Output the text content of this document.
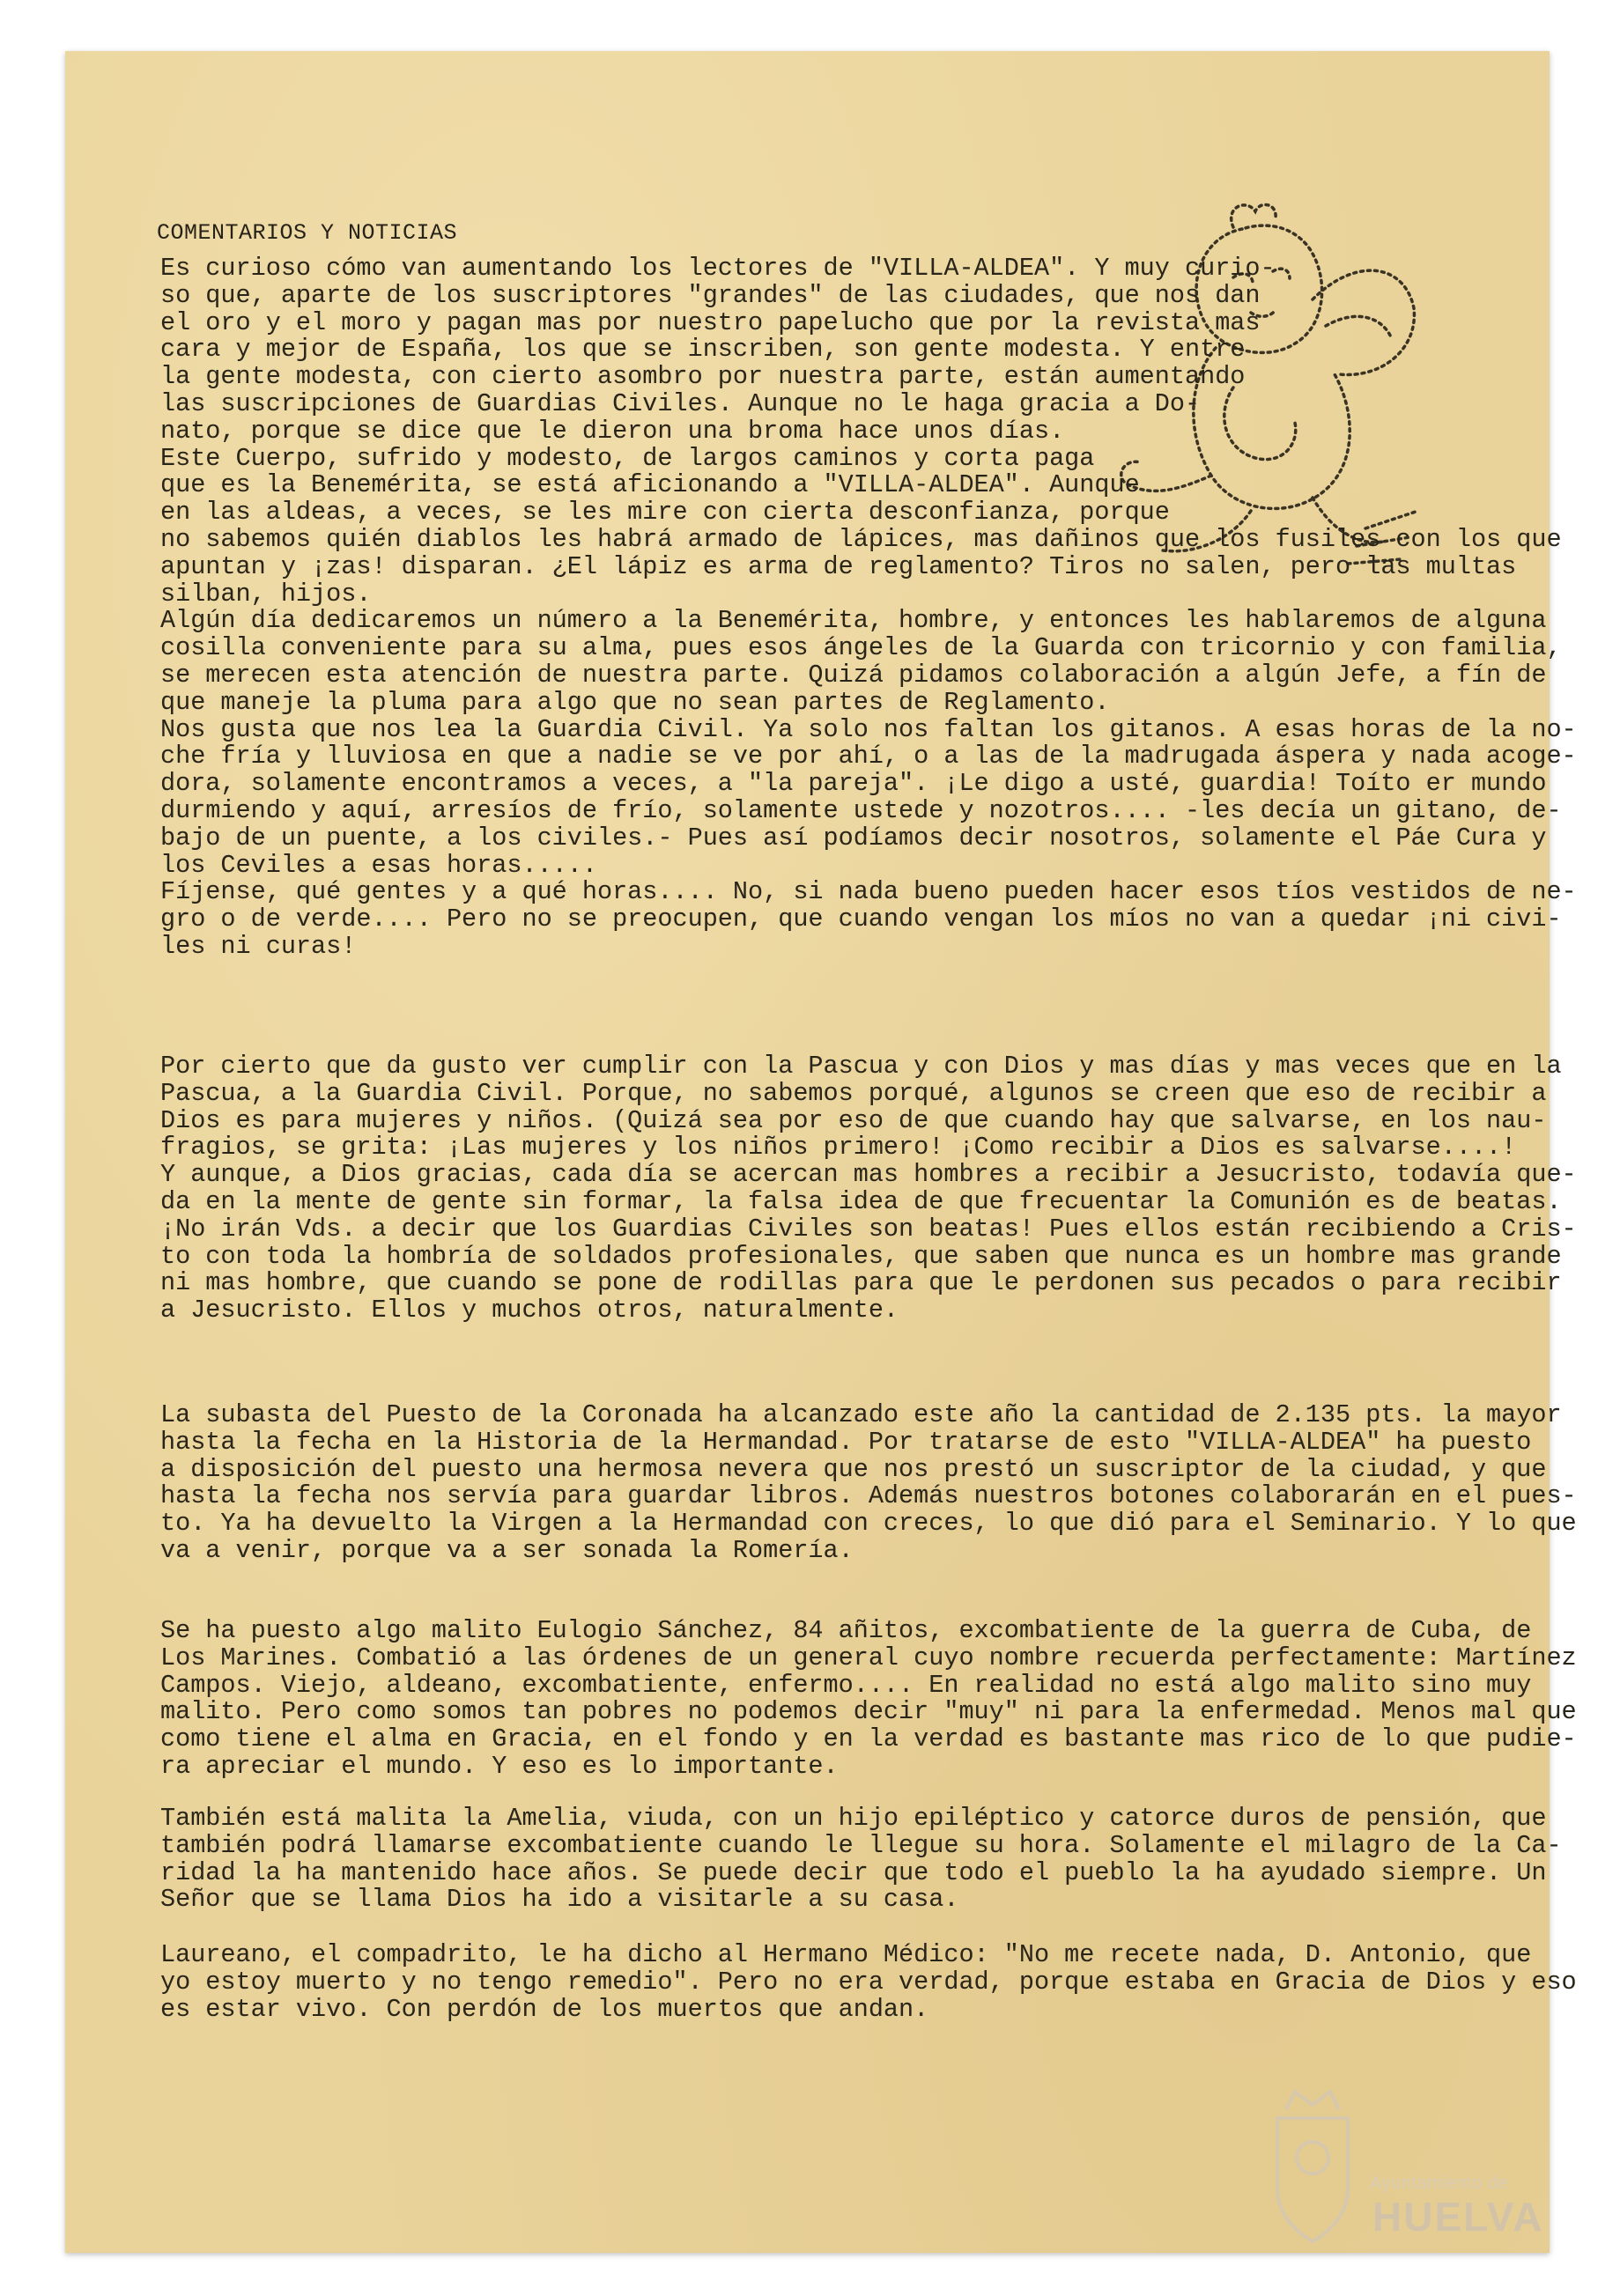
COMENTARIOS Y NOTICIAS
Es curioso cómo van aumentando los lectores de "VILLA-ALDEA". Y muy curio-
so que, aparte de los suscriptores "grandes" de las ciudades, que nos dan
el oro y el moro y pagan mas por nuestro papelucho que por la revista mas
cara y mejor de España, los que se inscriben, son gente modesta. Y entre
la gente modesta, con cierto asombro por nuestra parte, están aumentando
las suscripciones de Guardias Civiles. Aunque no le haga gracia a Do-
nato, porque se dice que le dieron una broma hace unos días.
Este Cuerpo, sufrido y modesto, de largos caminos y corta paga
que es la Benemérita, se está aficionando a "VILLA-ALDEA". Aunque
en las aldeas, a veces, se les mire con cierta desconfianza, porque
no sabemos quién diablos les habrá armado de lápices, mas dañinos que los fusiles con los que
apuntan y ¡zas! disparan. ¿El lápiz es arma de reglamento? Tiros no salen, pero las multas
silban, hijos.
Algún día dedicaremos un número a la Benemérita, hombre, y entonces les hablaremos de alguna
cosilla conveniente para su alma, pues esos ángeles de la Guarda con tricornio y con familia,
se merecen esta atención de nuestra parte. Quizá pidamos colaboración a algún Jefe, a fín de
que maneje la pluma para algo que no sean partes de Reglamento.
Nos gusta que nos lea la Guardia Civil. Ya solo nos faltan los gitanos. A esas horas de la no-
che fría y lluviosa en que a nadie se ve por ahí, o a las de la madrugada áspera y nada acoge-
dora, solamente encontramos a veces, a "la pareja". ¡Le digo a usté, guardia! Toíto er mundo
durmiendo y aquí, arresíos de frío, solamente ustede y nozotros.... -les decía un gitano, de-
bajo de un puente, a los civiles.- Pues así podíamos decir nosotros, solamente el Páe Cura y
los Ceviles a esas horas.....
Fíjense, qué gentes y a qué horas.... No, si nada bueno pueden hacer esos tíos vestidos de ne-
gro o de verde.... Pero no se preocupen, que cuando vengan los míos no van a quedar ¡ni civi-
les ni curas!
Por cierto que da gusto ver cumplir con la Pascua y con Dios y mas días y mas veces que en la
Pascua, a la Guardia Civil. Porque, no sabemos porqué, algunos se creen que eso de recibir a
Dios es para mujeres y niños. (Quizá sea por eso de que cuando hay que salvarse, en los nau-
fragios, se grita: ¡Las mujeres y los niños primero! ¡Como recibir a Dios es salvarse....!
Y aunque, a Dios gracias, cada día se acercan mas hombres a recibir a Jesucristo, todavía que-
da en la mente de gente sin formar, la falsa idea de que frecuentar la Comunión es de beatas.
¡No irán Vds. a decir que los Guardias Civiles son beatas! Pues ellos están recibiendo a Cris-
to con toda la hombría de soldados profesionales, que saben que nunca es un hombre mas grande
ni mas hombre, que cuando se pone de rodillas para que le perdonen sus pecados o para recibir
a Jesucristo. Ellos y muchos otros, naturalmente.
La subasta del Puesto de la Coronada ha alcanzado este año la cantidad de 2.135 pts. la mayor
hasta la fecha en la Historia de la Hermandad. Por tratarse de esto "VILLA-ALDEA" ha puesto
a disposición del puesto una hermosa nevera que nos prestó un suscriptor de la ciudad, y que
hasta la fecha nos servía para guardar libros. Además nuestros botones colaborarán en el pues-
to. Ya ha devuelto la Virgen a la Hermandad con creces, lo que dió para el Seminario. Y lo que
va a venir, porque va a ser sonada la Romería.
Se ha puesto algo malito Eulogio Sánchez, 84 añitos, excombatiente de la guerra de Cuba, de
Los Marines. Combatió a las órdenes de un general cuyo nombre recuerda perfectamente: Martínez
Campos. Viejo, aldeano, excombatiente, enfermo.... En realidad no está algo malito sino muy
malito. Pero como somos tan pobres no podemos decir "muy" ni para la enfermedad. Menos mal que
como tiene el alma en Gracia, en el fondo y en la verdad es bastante mas rico de lo que pudie-
ra apreciar el mundo. Y eso es lo importante.
También está malita la Amelia, viuda, con un hijo epiléptico y catorce duros de pensión, que
también podrá llamarse excombatiente cuando le llegue su hora. Solamente el milagro de la Ca-
ridad la ha mantenido hace años. Se puede decir que todo el pueblo la ha ayudado siempre. Un
Señor que se llama Dios ha ido a visitarle a su casa.
Laureano, el compadrito, le ha dicho al Hermano Médico: "No me recete nada, D. Antonio, que
yo estoy muerto y no tengo remedio". Pero no era verdad, porque estaba en Gracia de Dios y eso
es estar vivo. Con perdón de los muertos que andan.
Ayuntamiento de
HUELVA
